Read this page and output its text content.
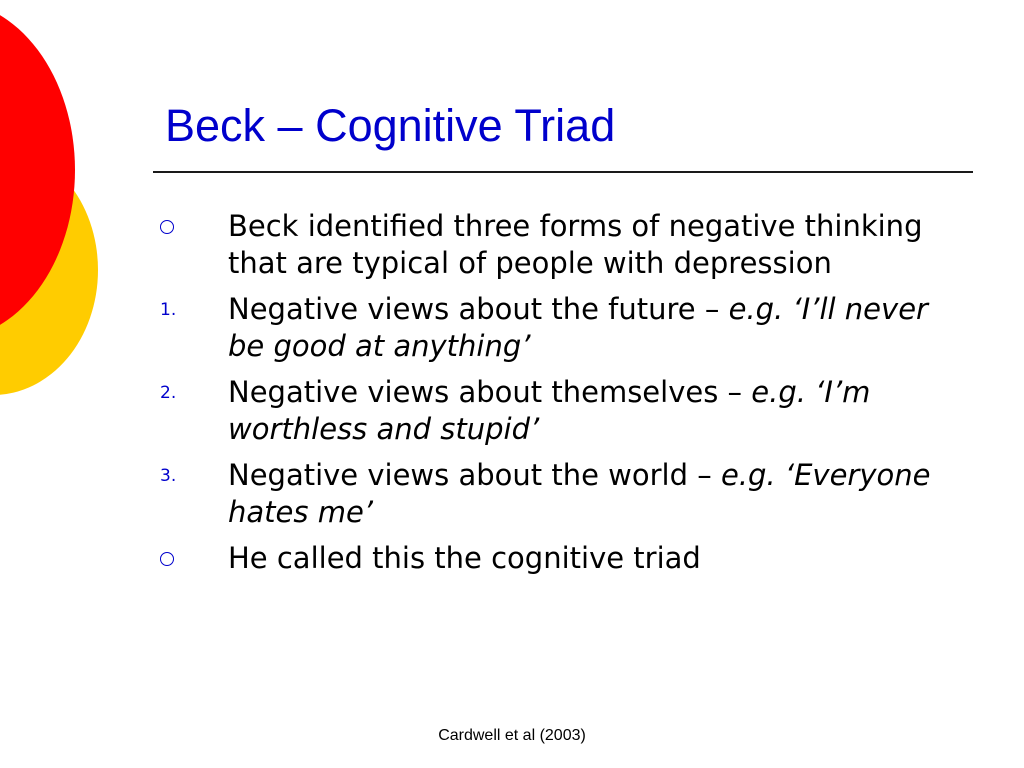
Beck – Cognitive Triad
Beck identified three forms of negative thinking that are typical of people with depression
1. Negative views about the future – e.g. ‘I’ll never be good at anything’
2. Negative views about themselves – e.g. ‘I’m worthless and stupid’
3. Negative views about the world – e.g. ‘Everyone hates me’
He called this the cognitive triad
Cardwell et al (2003)
